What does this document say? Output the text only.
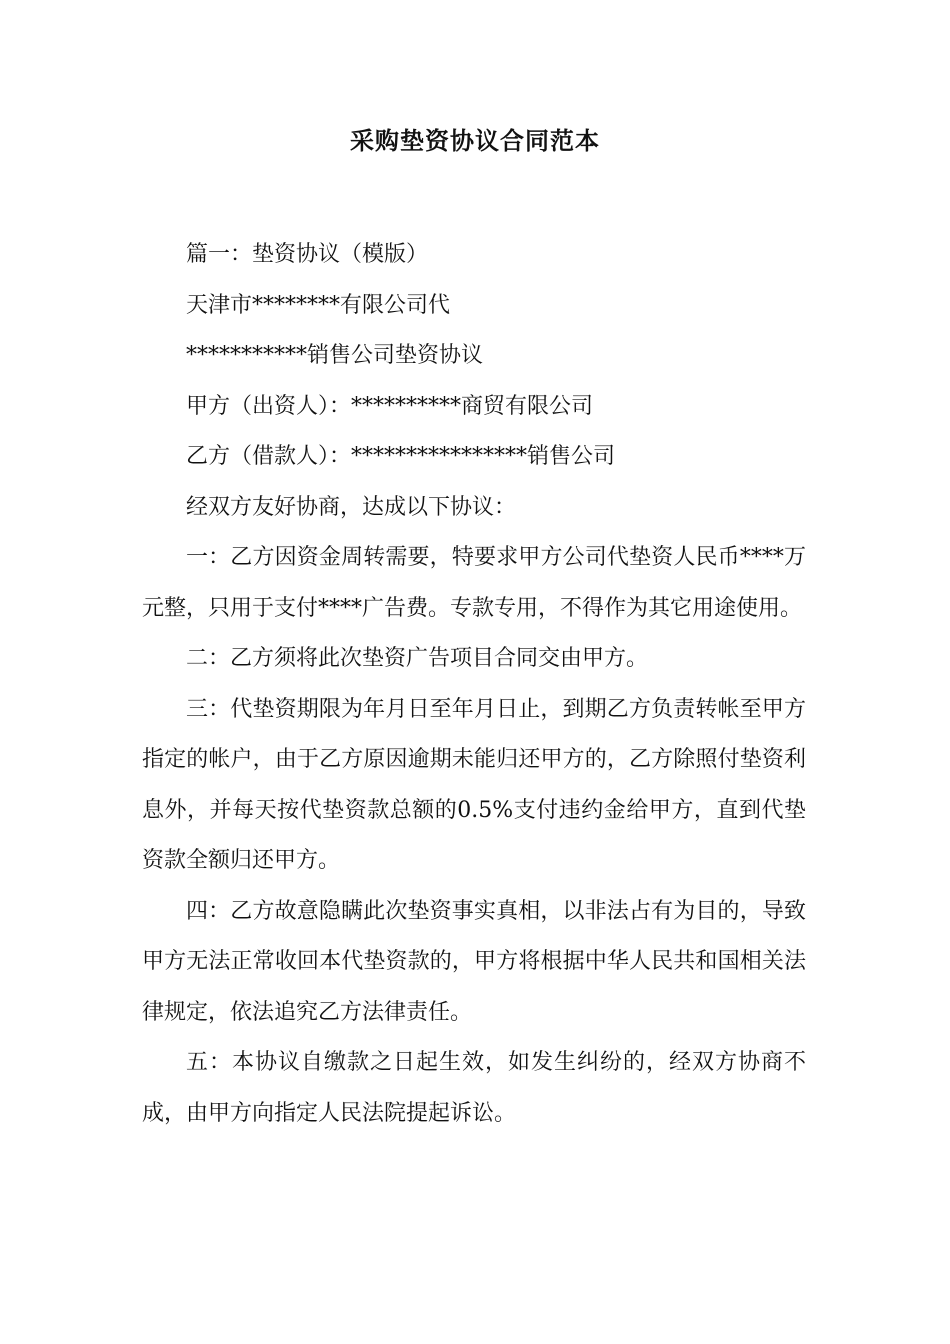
采购垫资协议合同范本

篇一：垫资协议（模版）

天津市********有限公司代

***********销售公司垫资协议

甲方（出资人）：**********商贸有限公司

乙方（借款人）：****************销售公司

经双方友好协商，达成以下协议：

一：乙方因资金周转需要，特要求甲方公司代垫资人民币****万元整，只用于支付****广告费。专款专用，不得作为其它用途使用。

二：乙方须将此次垫资广告项目合同交由甲方。

三：代垫资期限为年月日至年月日止，到期乙方负责转帐至甲方指定的帐户，由于乙方原因逾期未能归还甲方的，乙方除照付垫资利息外，并每天按代垫资款总额的0.5%支付违约金给甲方，直到代垫资款全额归还甲方。

四：乙方故意隐瞒此次垫资事实真相，以非法占有为目的，导致甲方无法正常收回本代垫资款的，甲方将根据中华人民共和国相关法律规定，依法追究乙方法律责任。

五：本协议自缴款之日起生效，如发生纠纷的，经双方协商不成，由甲方向指定人民法院提起诉讼。
